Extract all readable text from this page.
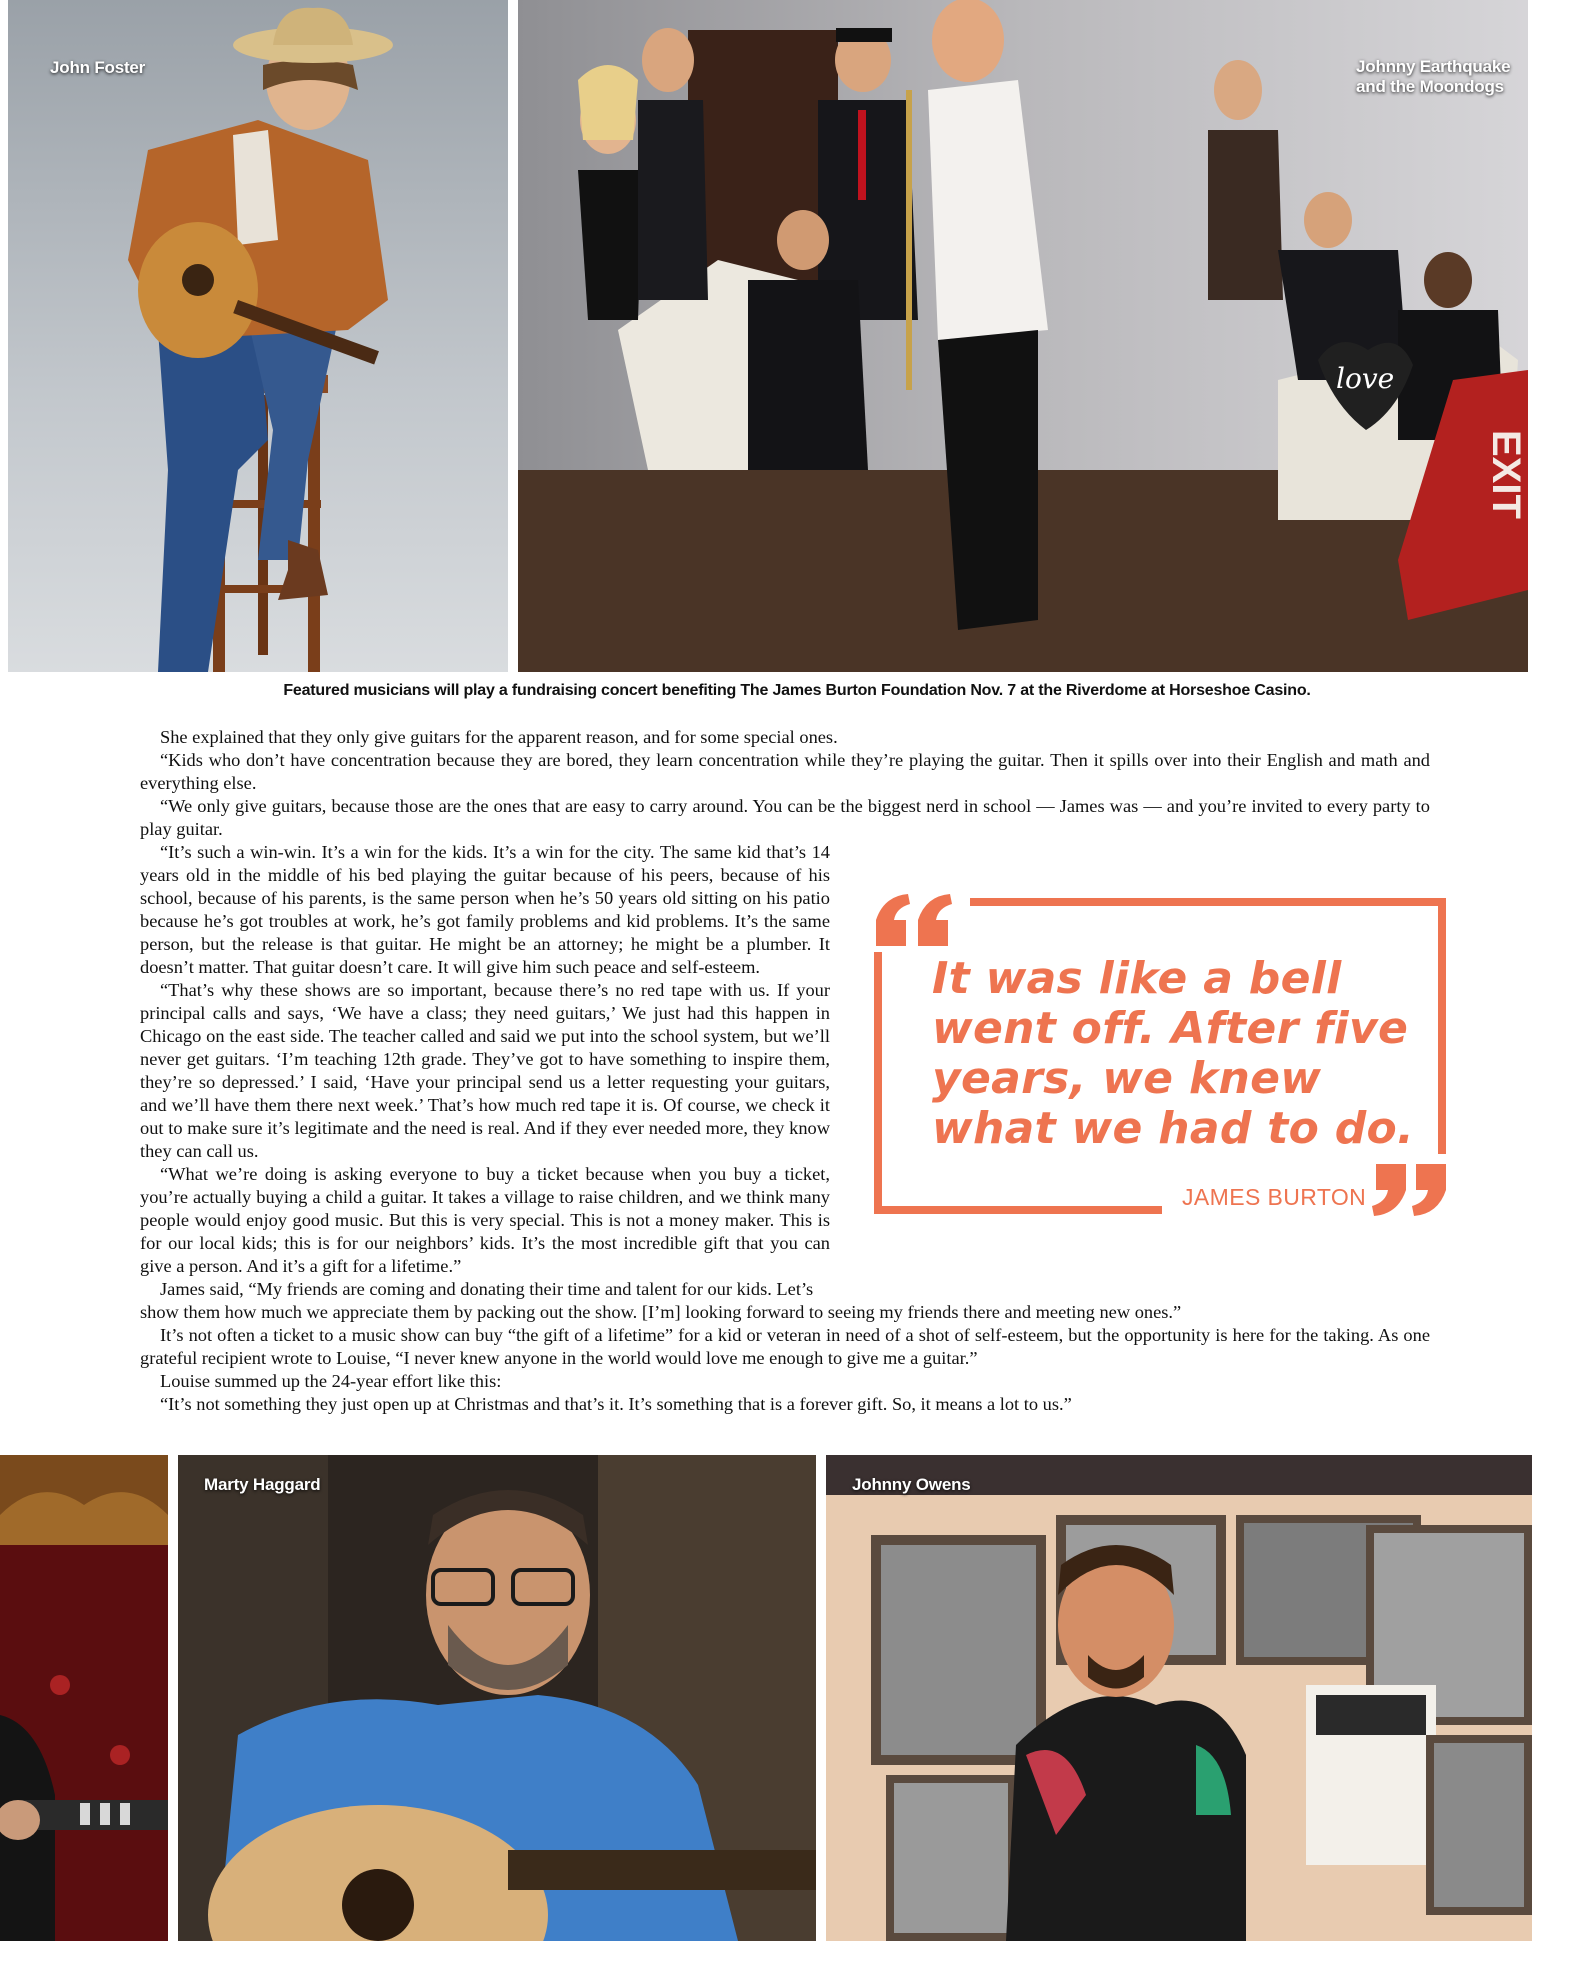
John Foster
love
EXIT
Johnny Earthquake
and the Moondogs
Featured musicians will play a fundraising concert benefiting The James Burton Foundation Nov. 7 at the Riverdome at Horseshoe Casino.

She explained that they only give guitars for the apparent reason, and for some special ones.

“Kids who don’t have concentration because they are bored, they learn concentration while they’re playing the guitar. Then it spills over into their English and math and everything else.

“We only give guitars, because those are the ones that are easy to carry around. You can be the biggest nerd in school — James was — and you’re invited to every party to play guitar.

“It’s such a win-win. It’s a win for the kids. It’s a win for the city. The same kid that’s 14 years old in the middle of his bed playing the guitar because of his peers, because of his school, because of his parents, is the same person when he’s 50 years old sitting on his patio because he’s got troubles at work, he’s got family problems and kid problems. It’s the same person, but the release is that guitar. He might be an attorney; he might be a plumber. It doesn’t matter. That guitar doesn’t care. It will give him such peace and self-esteem.

“That’s why these shows are so important, because there’s no red tape with us. If your principal calls and says, ‘We have a class; they need guitars,’ We just had this happen in Chicago on the east side. The teacher called and said we put into the school system, but we’ll never get guitars. ‘I’m teaching 12th grade. They’ve got to have something to inspire them, they’re so depressed.’ I said, ‘Have your principal send us a letter requesting your guitars, and we’ll have them there next week.’ That’s how much red tape it is. Of course, we check it out to make sure it’s legitimate and the need is real. And if they ever needed more, they know they can call us.

“What we’re doing is asking everyone to buy a ticket because when you buy a ticket, you’re actually buying a child a guitar. It takes a village to raise children, and we think many people would enjoy good music. But this is very special. This is not a money maker. This is for our local kids; this is for our neighbors’ kids. It’s the most incredible gift that you can give a person. And it’s a gift for a lifetime.”

James said, “My friends are coming and donating their time and talent for our kids. Let’s

show them how much we appreciate them by packing out the show. [I’m] looking forward to seeing my friends there and meeting new ones.”

It’s not often a ticket to a music show can buy “the gift of a lifetime” for a kid or veteran in need of a shot of self-esteem, but the opportunity is here for the taking. As one grateful recipient wrote to Louise, “I never knew anyone in the world would love me enough to give me a guitar.”

Louise summed up the 24-year effort like this:

“It’s not something they just open up at Christmas and that’s it. It’s something that is a forever gift. So, it means a lot to us.”

It was like a bell went off. After five years, we knew what we had to do.

JAMES BURTON
Marty Haggard	Johnny Owens
